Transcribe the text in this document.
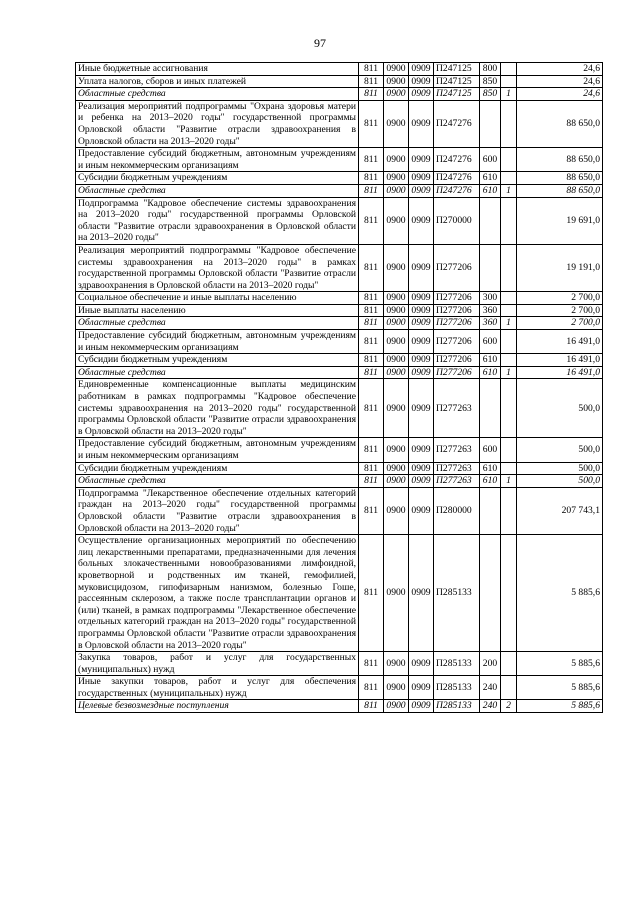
97
Иные бюджетные ассигнования	811	0900	0909	П247125	800		24,6
Уплата налогов, сборов и иных платежей	811	0900	0909	П247125	850		24,6
Областные средства	811	0900	0909	П247125	850	1	24,6
Реализация мероприятий подпрограммы "Охрана здоровья матери и ребенка на 2013–2020 годы" государственной программы Орловской области "Развитие отрасли здравоохранения в Орловской области на 2013–2020 годы"	811	0900	0909	П247276			88 650,0
Предоставление субсидий бюджетным, автономным учреждениям и иным некоммерческим организациям	811	0900	0909	П247276	600		88 650,0
Субсидии бюджетным учреждениям	811	0900	0909	П247276	610		88 650,0
Областные средства	811	0900	0909	П247276	610	1	88 650,0
Подпрограмма "Кадровое обеспечение системы здравоохранения на 2013–2020 годы" государственной программы Орловской области "Развитие отрасли здравоохранения в Орловской области на 2013–2020 годы"	811	0900	0909	П270000			19 691,0
Реализация мероприятий подпрограммы "Кадровое обеспечение системы здравоохранения на 2013–2020 годы" в рамках государственной программы Орловской области "Развитие отрасли здравоохранения в Орловской области на 2013–2020 годы"	811	0900	0909	П277206			19 191,0
Социальное обеспечение и иные выплаты населению	811	0900	0909	П277206	300		2 700,0
Иные выплаты населению	811	0900	0909	П277206	360		2 700,0
Областные средства	811	0900	0909	П277206	360	1	2 700,0
Предоставление субсидий бюджетным, автономным учреждениям и иным некоммерческим организациям	811	0900	0909	П277206	600		16 491,0
Субсидии бюджетным учреждениям	811	0900	0909	П277206	610		16 491,0
Областные средства	811	0900	0909	П277206	610	1	16 491,0
Единовременные компенсационные выплаты медицинским работникам в рамках подпрограммы "Кадровое обеспечение системы здравоохранения на 2013–2020 годы" государственной программы Орловской области "Развитие отрасли здравоохранения в Орловской области на 2013–2020 годы"	811	0900	0909	П277263			500,0
Предоставление субсидий бюджетным, автономным учреждениям и иным некоммерческим организациям	811	0900	0909	П277263	600		500,0
Субсидии бюджетным учреждениям	811	0900	0909	П277263	610		500,0
Областные средства	811	0900	0909	П277263	610	1	500,0
Подпрограмма "Лекарственное обеспечение отдельных категорий граждан на 2013–2020 годы" государственной программы Орловской области "Развитие отрасли здравоохранения в Орловской области на 2013–2020 годы"	811	0900	0909	П280000			207 743,1
Осуществление организационных мероприятий по обеспечению лиц лекарственными препаратами, предназначенными для лечения больных злокачественными новообразованиями лимфоидной, кроветворной и родственных им тканей, гемофилией, муковисцидозом, гипофизарным нанизмом, болезнью Гоше, рассеянным склерозом, а также после трансплантации органов и (или) тканей, в рамках подпрограммы "Лекарственное обеспечение отдельных категорий граждан на 2013–2020 годы" государственной программы Орловской области "Развитие отрасли здравоохранения в Орловской области на 2013–2020 годы"	811	0900	0909	П285133			5 885,6
Закупка товаров, работ и услуг для государственных (муниципальных) нужд	811	0900	0909	П285133	200		5 885,6
Иные закупки товаров, работ и услуг для обеспечения государственных (муниципальных) нужд	811	0900	0909	П285133	240		5 885,6
Целевые безвозмездные поступления	811	0900	0909	П285133	240	2	5 885,6
